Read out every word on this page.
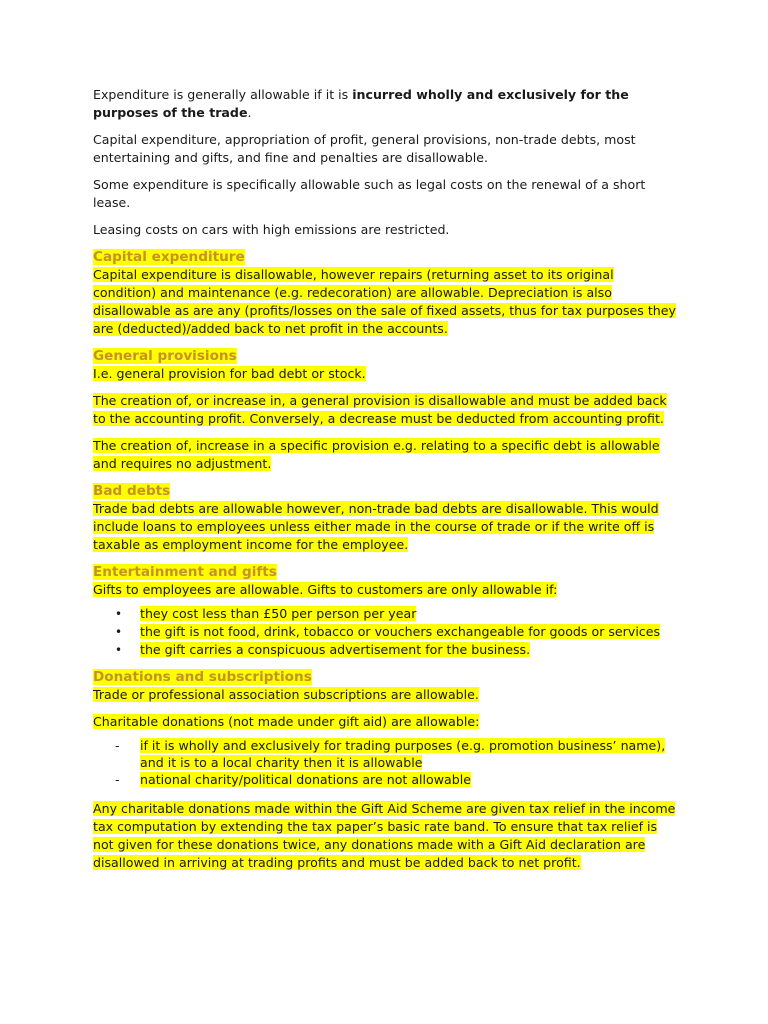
Expenditure is generally allowable if it is incurred wholly and exclusively for the purposes of the trade.

Capital expenditure, appropriation of profit, general provisions, non-trade debts, most entertaining and gifts, and fine and penalties are disallowable.

Some expenditure is specifically allowable such as legal costs on the renewal of a short lease.

Leasing costs on cars with high emissions are restricted.

Capital expenditure

Capital expenditure is disallowable, however repairs (returning asset to its original condition) and maintenance (e.g. redecoration) are allowable. Depreciation is also disallowable as are any (profits/losses on the sale of fixed assets, thus for tax purposes they are (deducted)/added back to net profit in the accounts.

General provisions

I.e. general provision for bad debt or stock.

The creation of, or increase in, a general provision is disallowable and must be added back to the accounting profit. Conversely, a decrease must be deducted from accounting profit.

The creation of, increase in a specific provision e.g. relating to a specific debt is allowable and requires no adjustment.

Bad debts

Trade bad debts are allowable however, non-trade bad debts are disallowable. This would include loans to employees unless either made in the course of trade or if the write off is taxable as employment income for the employee.

Entertainment and gifts

Gifts to employees are allowable. Gifts to customers are only allowable if:

• they cost less than £50 per person per year
• the gift is not food, drink, tobacco or vouchers exchangeable for goods or services
• the gift carries a conspicuous advertisement for the business.
Donations and subscriptions

Trade or professional association subscriptions are allowable.

Charitable donations (not made under gift aid) are allowable:

- if it is wholly and exclusively for trading purposes (e.g. promotion business’ name), and it is to a local charity then it is allowable
- national charity/political donations are not allowable

Any charitable donations made within the Gift Aid Scheme are given tax relief in the income tax computation by extending the tax paper’s basic rate band. To ensure that tax relief is not given for these donations twice, any donations made with a Gift Aid declaration are disallowed in arriving at trading profits and must be added back to net profit.
